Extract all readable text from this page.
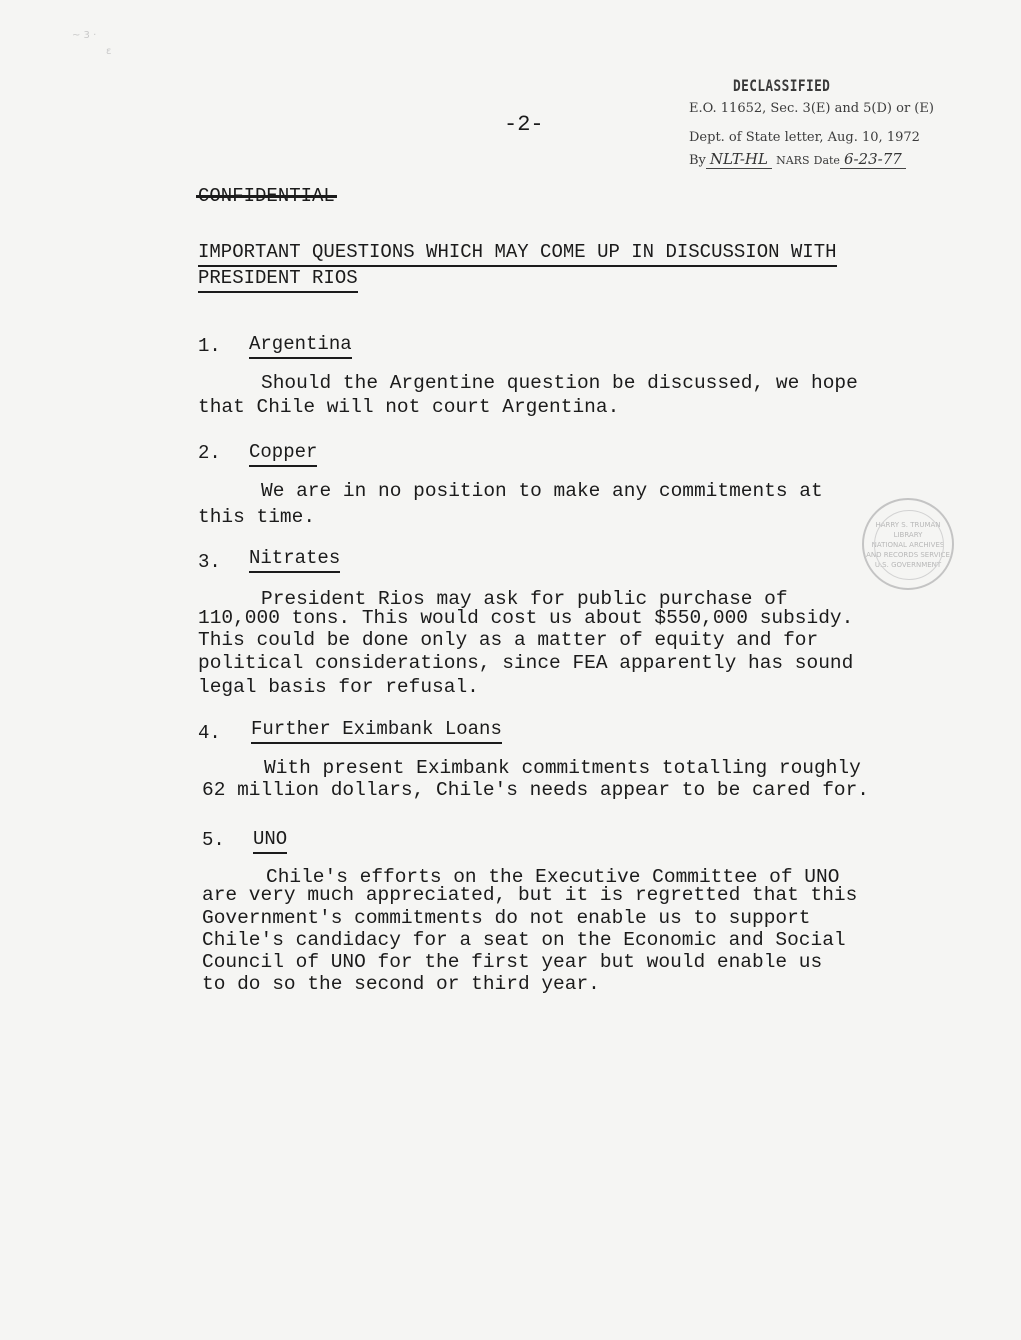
~ 3 ·
ε
-2-
DECLASSIFIED
E.O. 11652, Sec. 3(E) and 5(D) or (E)
Dept. of State letter, Aug. 10, 1972
By NLT-HL NARS Date 6-23-77
CONFIDENTIAL
IMPORTANT QUESTIONS WHICH MAY COME UP IN DISCUSSION WITH
PRESIDENT RIOS
1. Argentina
Should the Argentine question be discussed, we hope
that Chile will not court Argentina.
2. Copper
We are in no position to make any commitments at
this time.
3. Nitrates
President Rios may ask for public purchase of
110,000 tons. This would cost us about $550,000 subsidy.
This could be done only as a matter of equity and for
political considerations, since FEA apparently has sound
legal basis for refusal.
4. Further Eximbank Loans
With present Eximbank commitments totalling roughly
62 million dollars, Chile's needs appear to be cared for.
5. UNO
Chile's efforts on the Executive Committee of UNO
are very much appreciated, but it is regretted that this
Government's commitments do not enable us to support
Chile's candidacy for a seat on the Economic and Social
Council of UNO for the first year but would enable us
to do so the second or third year.
HARRY S. TRUMAN LIBRARY
NATIONAL ARCHIVES AND RECORDS SERVICE
U.S. GOVERNMENT
